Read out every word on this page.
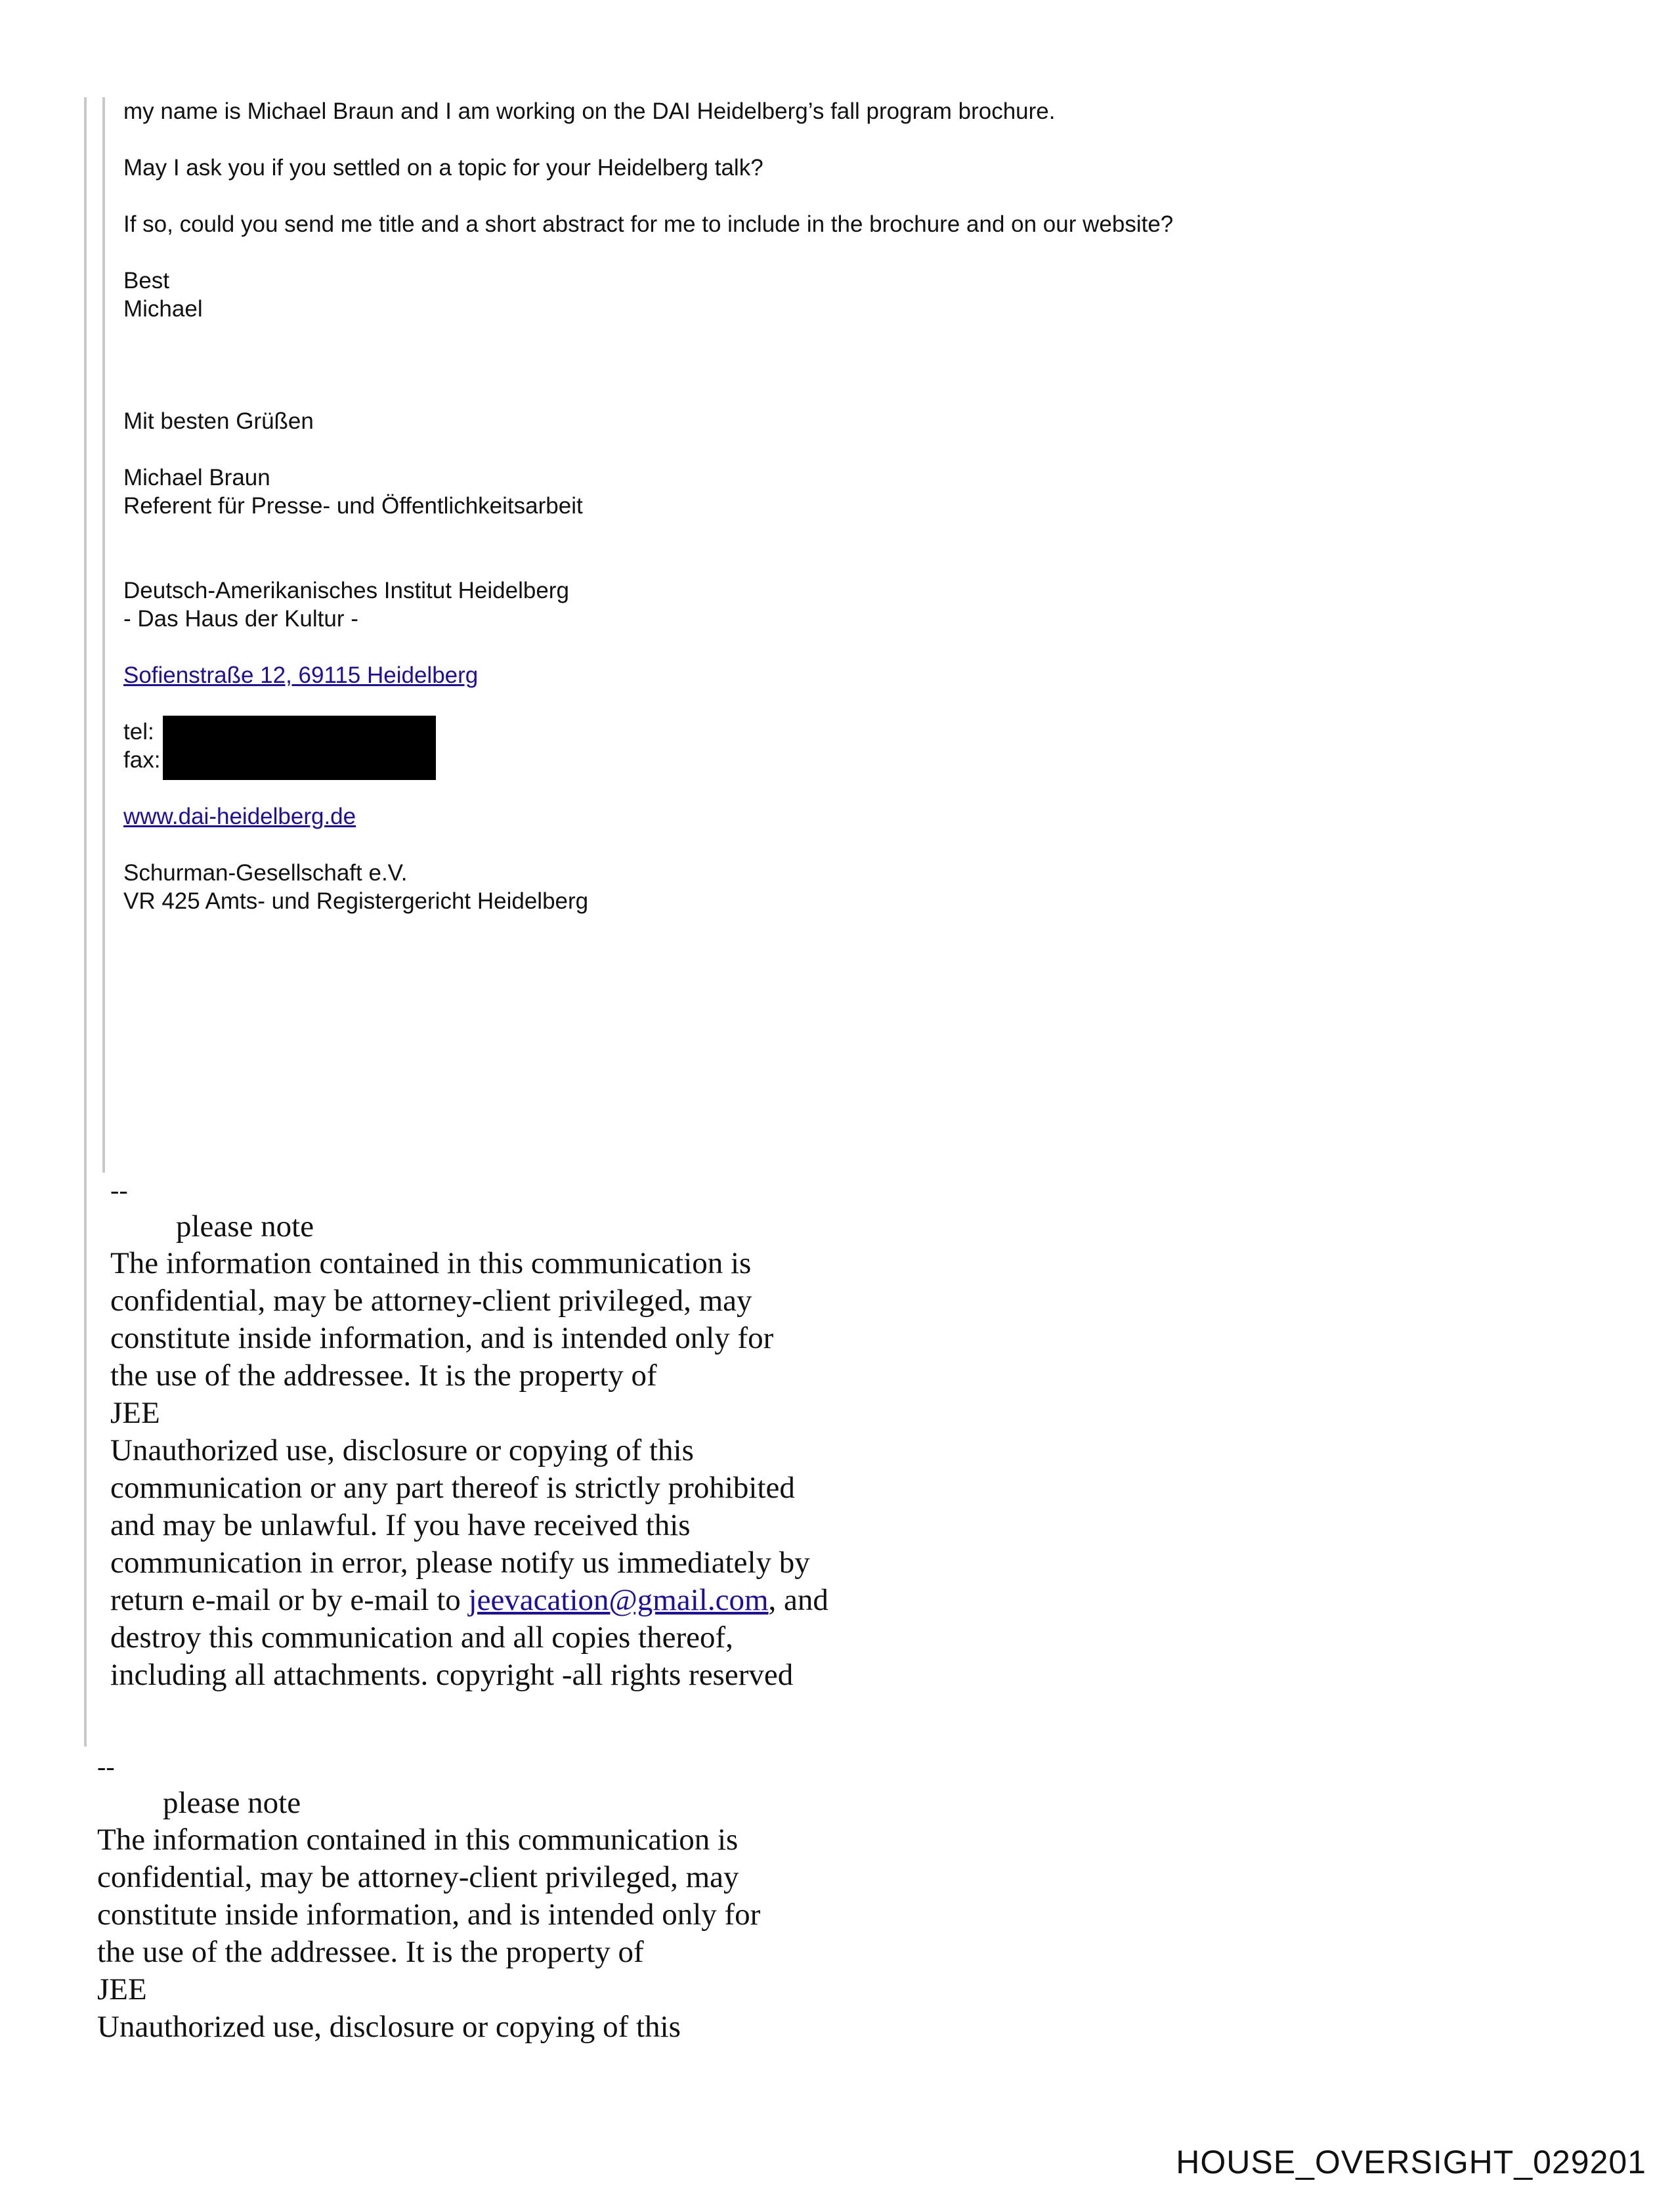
my name is Michael Braun and I am working on the DAI Heidelberg’s fall program brochure.
May I ask you if you settled on a topic for your Heidelberg talk?
If so, could you send me title and a short abstract for me to include in the brochure and on our website?
Best
Michael
Mit besten Grüßen
Michael Braun
Referent für Presse- und Öffentlichkeitsarbeit
Deutsch-Amerikanisches Institut Heidelberg
- Das Haus der Kultur -
Sofienstraße 12, 69115 Heidelberg
tel:
fax:
www.dai-heidelberg.de
Schurman-Gesellschaft e.V.
VR 425 Amts- und Registergericht Heidelberg
--
please note
The information contained in this communication is
confidential, may be attorney-client privileged, may
constitute inside information, and is intended only for
the use of the addressee. It is the property of
JEE
Unauthorized use, disclosure or copying of this
communication or any part thereof is strictly prohibited
and may be unlawful. If you have received this
communication in error, please notify us immediately by
return e-mail or by e-mail to jeevacation@gmail.com, and
destroy this communication and all copies thereof,
including all attachments. copyright -all rights reserved
--
please note
The information contained in this communication is
confidential, may be attorney-client privileged, may
constitute inside information, and is intended only for
the use of the addressee. It is the property of
JEE
Unauthorized use, disclosure or copying of this
HOUSE_OVERSIGHT_029201
